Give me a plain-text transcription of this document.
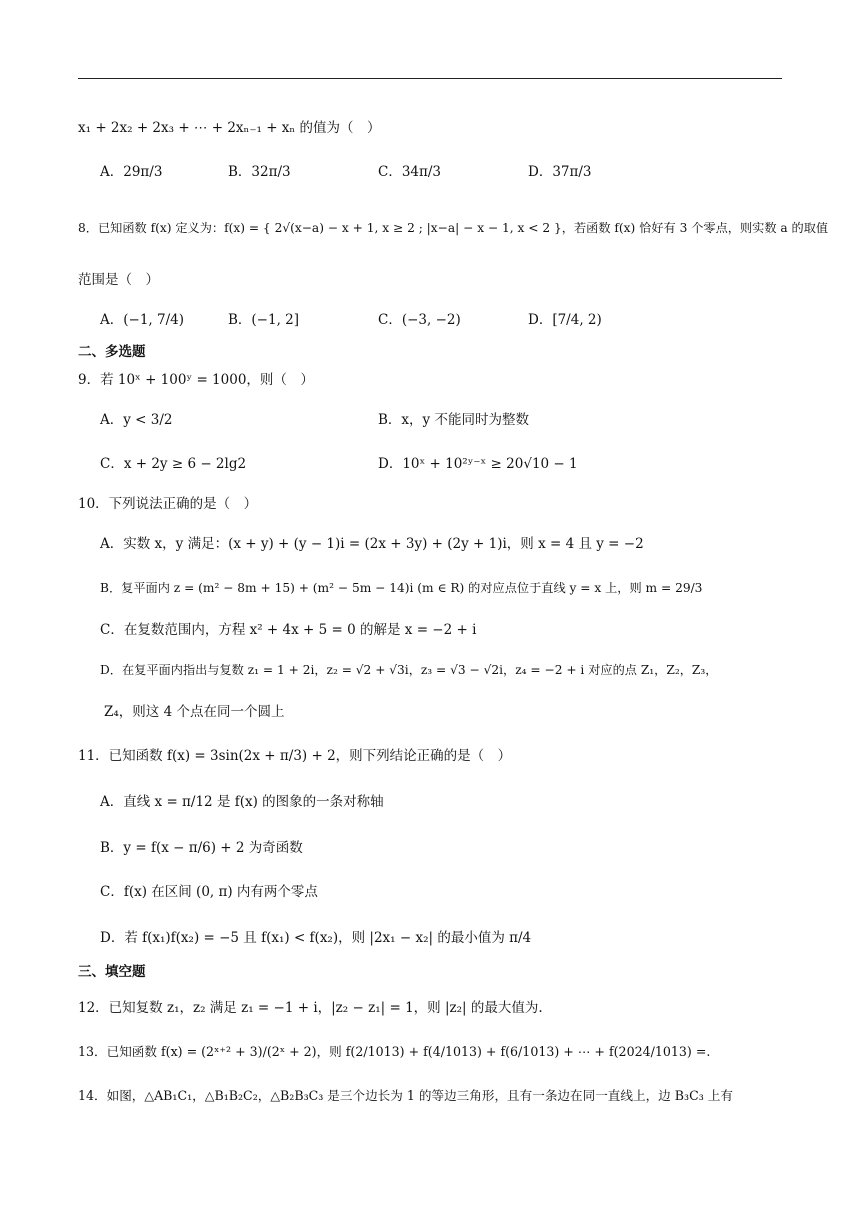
x₁ + 2x₂ + 2x₃ + ⋯ + 2xₙ₋₁ + xₙ 的值为（　）
A．29π/3	B．32π/3	C．34π/3	D．37π/3
8．已知函数 f(x) 定义为：f(x) = { 2√(x−a) − x + 1, x ≥ 2 ; |x−a| − x − 1, x < 2 }，若函数 f(x) 恰好有 3 个零点，则实数 a 的取值
范围是（　）
A．(−1, 7/4)	B．(−1, 2]	C．(−3, −2)	D．[7/4, 2)
二、多选题
9．若 10ˣ + 100ʸ = 1000，则（　）
A．y < 3/2	B．x，y 不能同时为整数
C．x + 2y ≥ 6 − 2lg2	D．10ˣ + 10²ʸ⁻ˣ ≥ 20√10 − 1
10．下列说法正确的是（　）
A．实数 x，y 满足：(x + y) + (y − 1)i = (2x + 3y) + (2y + 1)i，则 x = 4 且 y = −2
B．复平面内 z = (m² − 8m + 15) + (m² − 5m − 14)i (m ∈ R) 的对应点位于直线 y = x 上，则 m = 29/3
C．在复数范围内，方程 x² + 4x + 5 = 0 的解是 x = −2 + i
D．在复平面内指出与复数 z₁ = 1 + 2i，z₂ = √2 + √3i，z₃ = √3 − √2i，z₄ = −2 + i 对应的点 Z₁，Z₂，Z₃，
Z₄，则这 4 个点在同一个圆上
11．已知函数 f(x) = 3sin(2x + π/3) + 2，则下列结论正确的是（　）
A．直线 x = π/12 是 f(x) 的图象的一条对称轴
B．y = f(x − π/6) + 2 为奇函数
C．f(x) 在区间 (0, π) 内有两个零点
D．若 f(x₁)f(x₂) = −5 且 f(x₁) < f(x₂)，则 |2x₁ − x₂| 的最小值为 π/4
三、填空题
12．已知复数 z₁，z₂ 满足 z₁ = −1 + i，|z₂ − z₁| = 1，则 |z₂| 的最大值为.
13．已知函数 f(x) = (2ˣ⁺² + 3)/(2ˣ + 2)，则 f(2/1013) + f(4/1013) + f(6/1013) + ⋯ + f(2024/1013) =.
14．如图，△AB₁C₁，△B₁B₂C₂，△B₂B₃C₃ 是三个边长为 1 的等边三角形，且有一条边在同一直线上，边 B₃C₃ 上有
